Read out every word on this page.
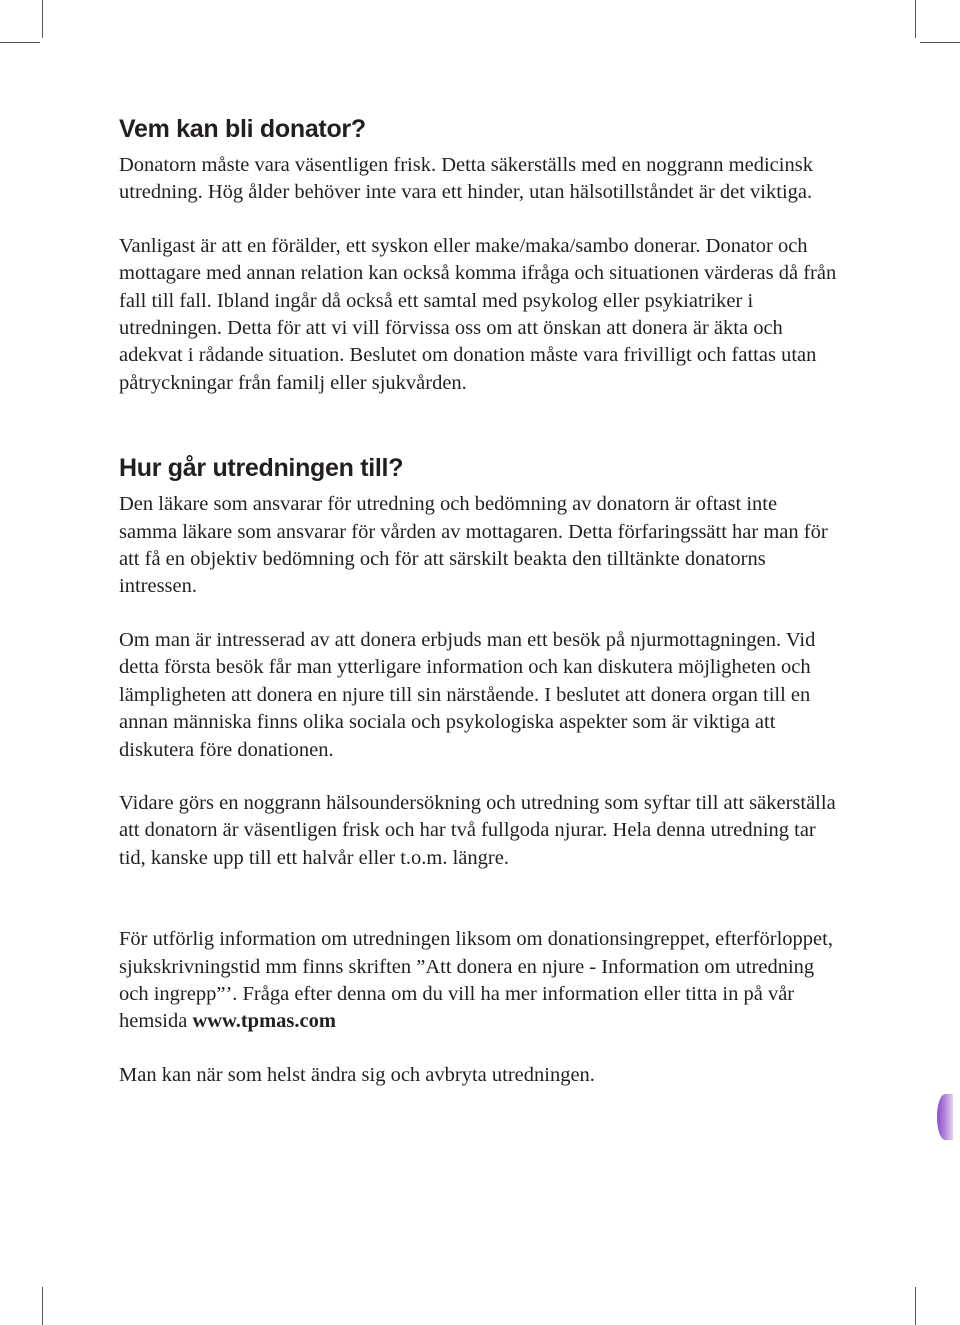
Vem kan bli donator?

Donatorn måste vara väsentligen frisk. Detta säkerställs med en noggrann medicinsk utredning. Hög ålder behöver inte vara ett hinder, utan hälsotillståndet är det viktiga.

Vanligast är att en förälder, ett syskon eller make/maka/sambo donerar. Donator och mottagare med annan relation kan också komma ifråga och situationen värderas då från fall till fall. Ibland ingår då också ett samtal med psykolog eller psykiatriker i utredningen. Detta för att vi vill förvissa oss om att önskan att donera är äkta och adekvat i rådande situation. Beslutet om donation måste vara frivilligt och fattas utan påtryckningar från familj eller sjukvården.

Hur går utredningen till?

Den läkare som ansvarar för utredning och bedömning av donatorn är oftast inte samma läkare som ansvarar för vården av mottagaren. Detta förfaringssätt har man för att få en objektiv bedömning och för att särskilt beakta den tilltänkte donatorns intressen.

Om man är intresserad av att donera erbjuds man ett besök på njurmottagningen. Vid detta första besök får man ytterligare information och kan diskutera möjligheten och lämpligheten att donera en njure till sin närstående. I beslutet att donera organ till en annan människa finns olika sociala och psykologiska aspekter som är viktiga att diskutera före donationen.

Vidare görs en noggrann hälsoundersökning och utredning som syftar till att säkerställa att donatorn är väsentligen frisk och har två fullgoda njurar. Hela denna utredning tar tid, kanske upp till ett halvår eller t.o.m. längre.

För utförlig information om utredningen liksom om donationsingreppet, efterförloppet, sjukskrivningstid mm finns skriften ”Att donera en njure - Information om utredning och ingrepp”’. Fråga efter denna om du vill ha mer information eller titta in på vår hemsida www.tpmas.com

Man kan när som helst ändra sig och avbryta utredningen.
